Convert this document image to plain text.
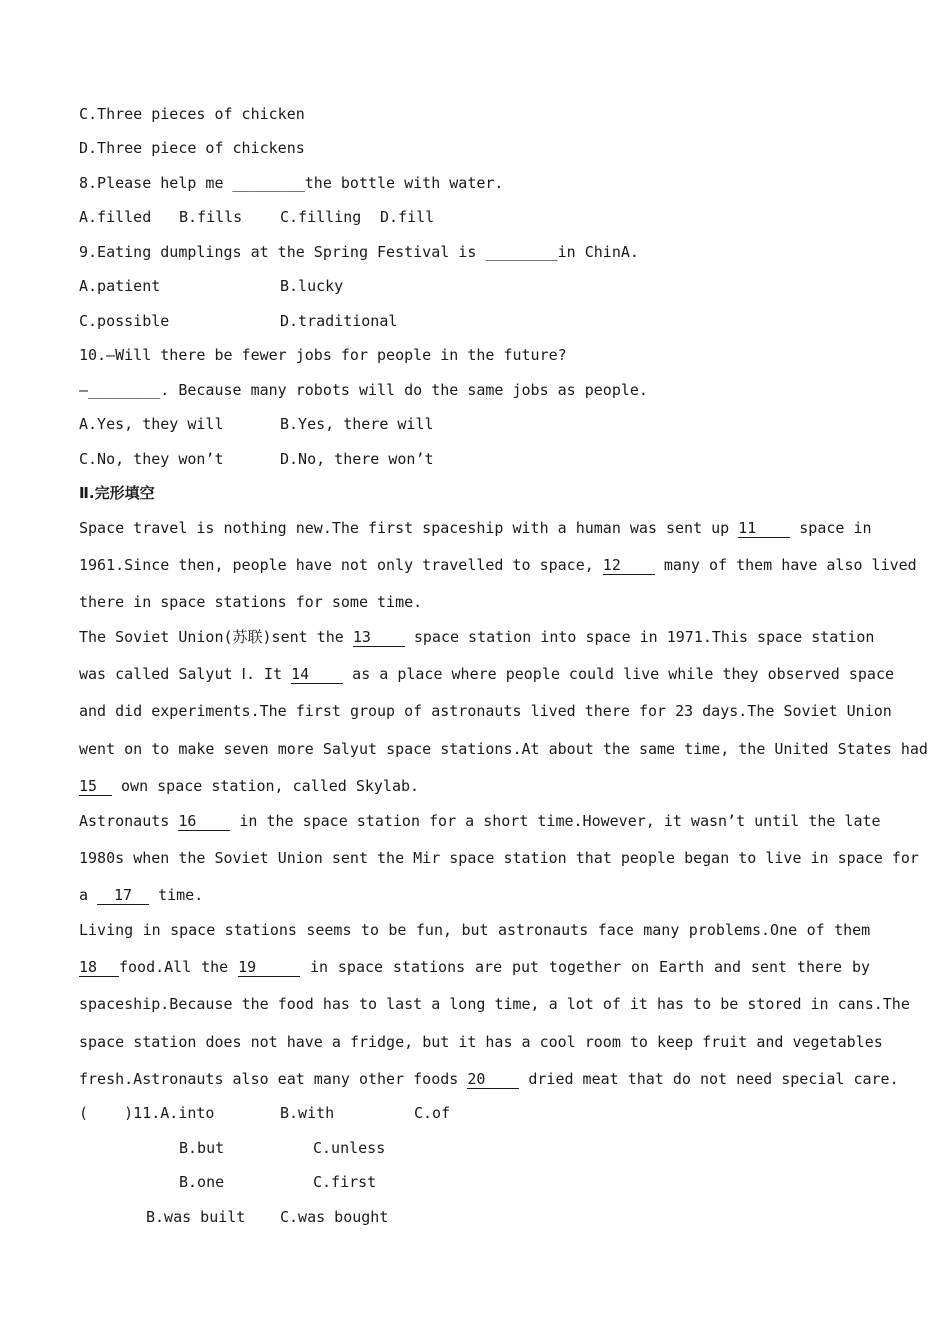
C.Three pieces of chicken
D.Three piece of chickens
8.Please help me ________the bottle with water.
A.filled B.fills	C.filling D.fill
9.Eating dumplings at the Spring Festival is ________in ChinA.
A.patient	B.lucky
C.possible	D.traditional
10.—Will there be fewer jobs for people in the future?
—________. Because many robots will do the same jobs as people.
A.Yes, they will	B.Yes, there will
C.No, they won’t	D.No, there won’t
Ⅱ.完形填空
Space travel is nothing new.The first spaceship with a human was sent up 11	space in
1961.Since then, people have not only travelled to space, 12	many of them have also lived
there in space stations for some time.
The Soviet Union(苏联)sent the 13	space station into space in 1971.This space station
was called Salyut Ⅰ. It 14	as a place where people could live while they observed space
and did experiments.The first group of astronauts lived there for 23 days.The Soviet Union
went on to make seven more Salyut space stations.At about the same time, the United States had
15 own space station, called Skylab.
Astronauts 16	in the space station for a short time.However, it wasn’t until the late
1980s when the Soviet Union sent the Mir space station that people began to live in space for
a 17 time.
Living in space stations seems to be fun, but astronauts face many problems.One of them
18 food.All the 19	in space stations are put together on Earth and sent there by
spaceship.Because the food has to last a long time, a lot of it has to be stored in cans.The
space station does not have a fridge, but it has a cool room to keep fruit and vegetables
fresh.Astronauts also eat many other foods 20	dried meat that do not need special care.
(    )11.A.into	B.with	C.of
B.but	C.unless
B.one	C.first
B.was built C.was bought
